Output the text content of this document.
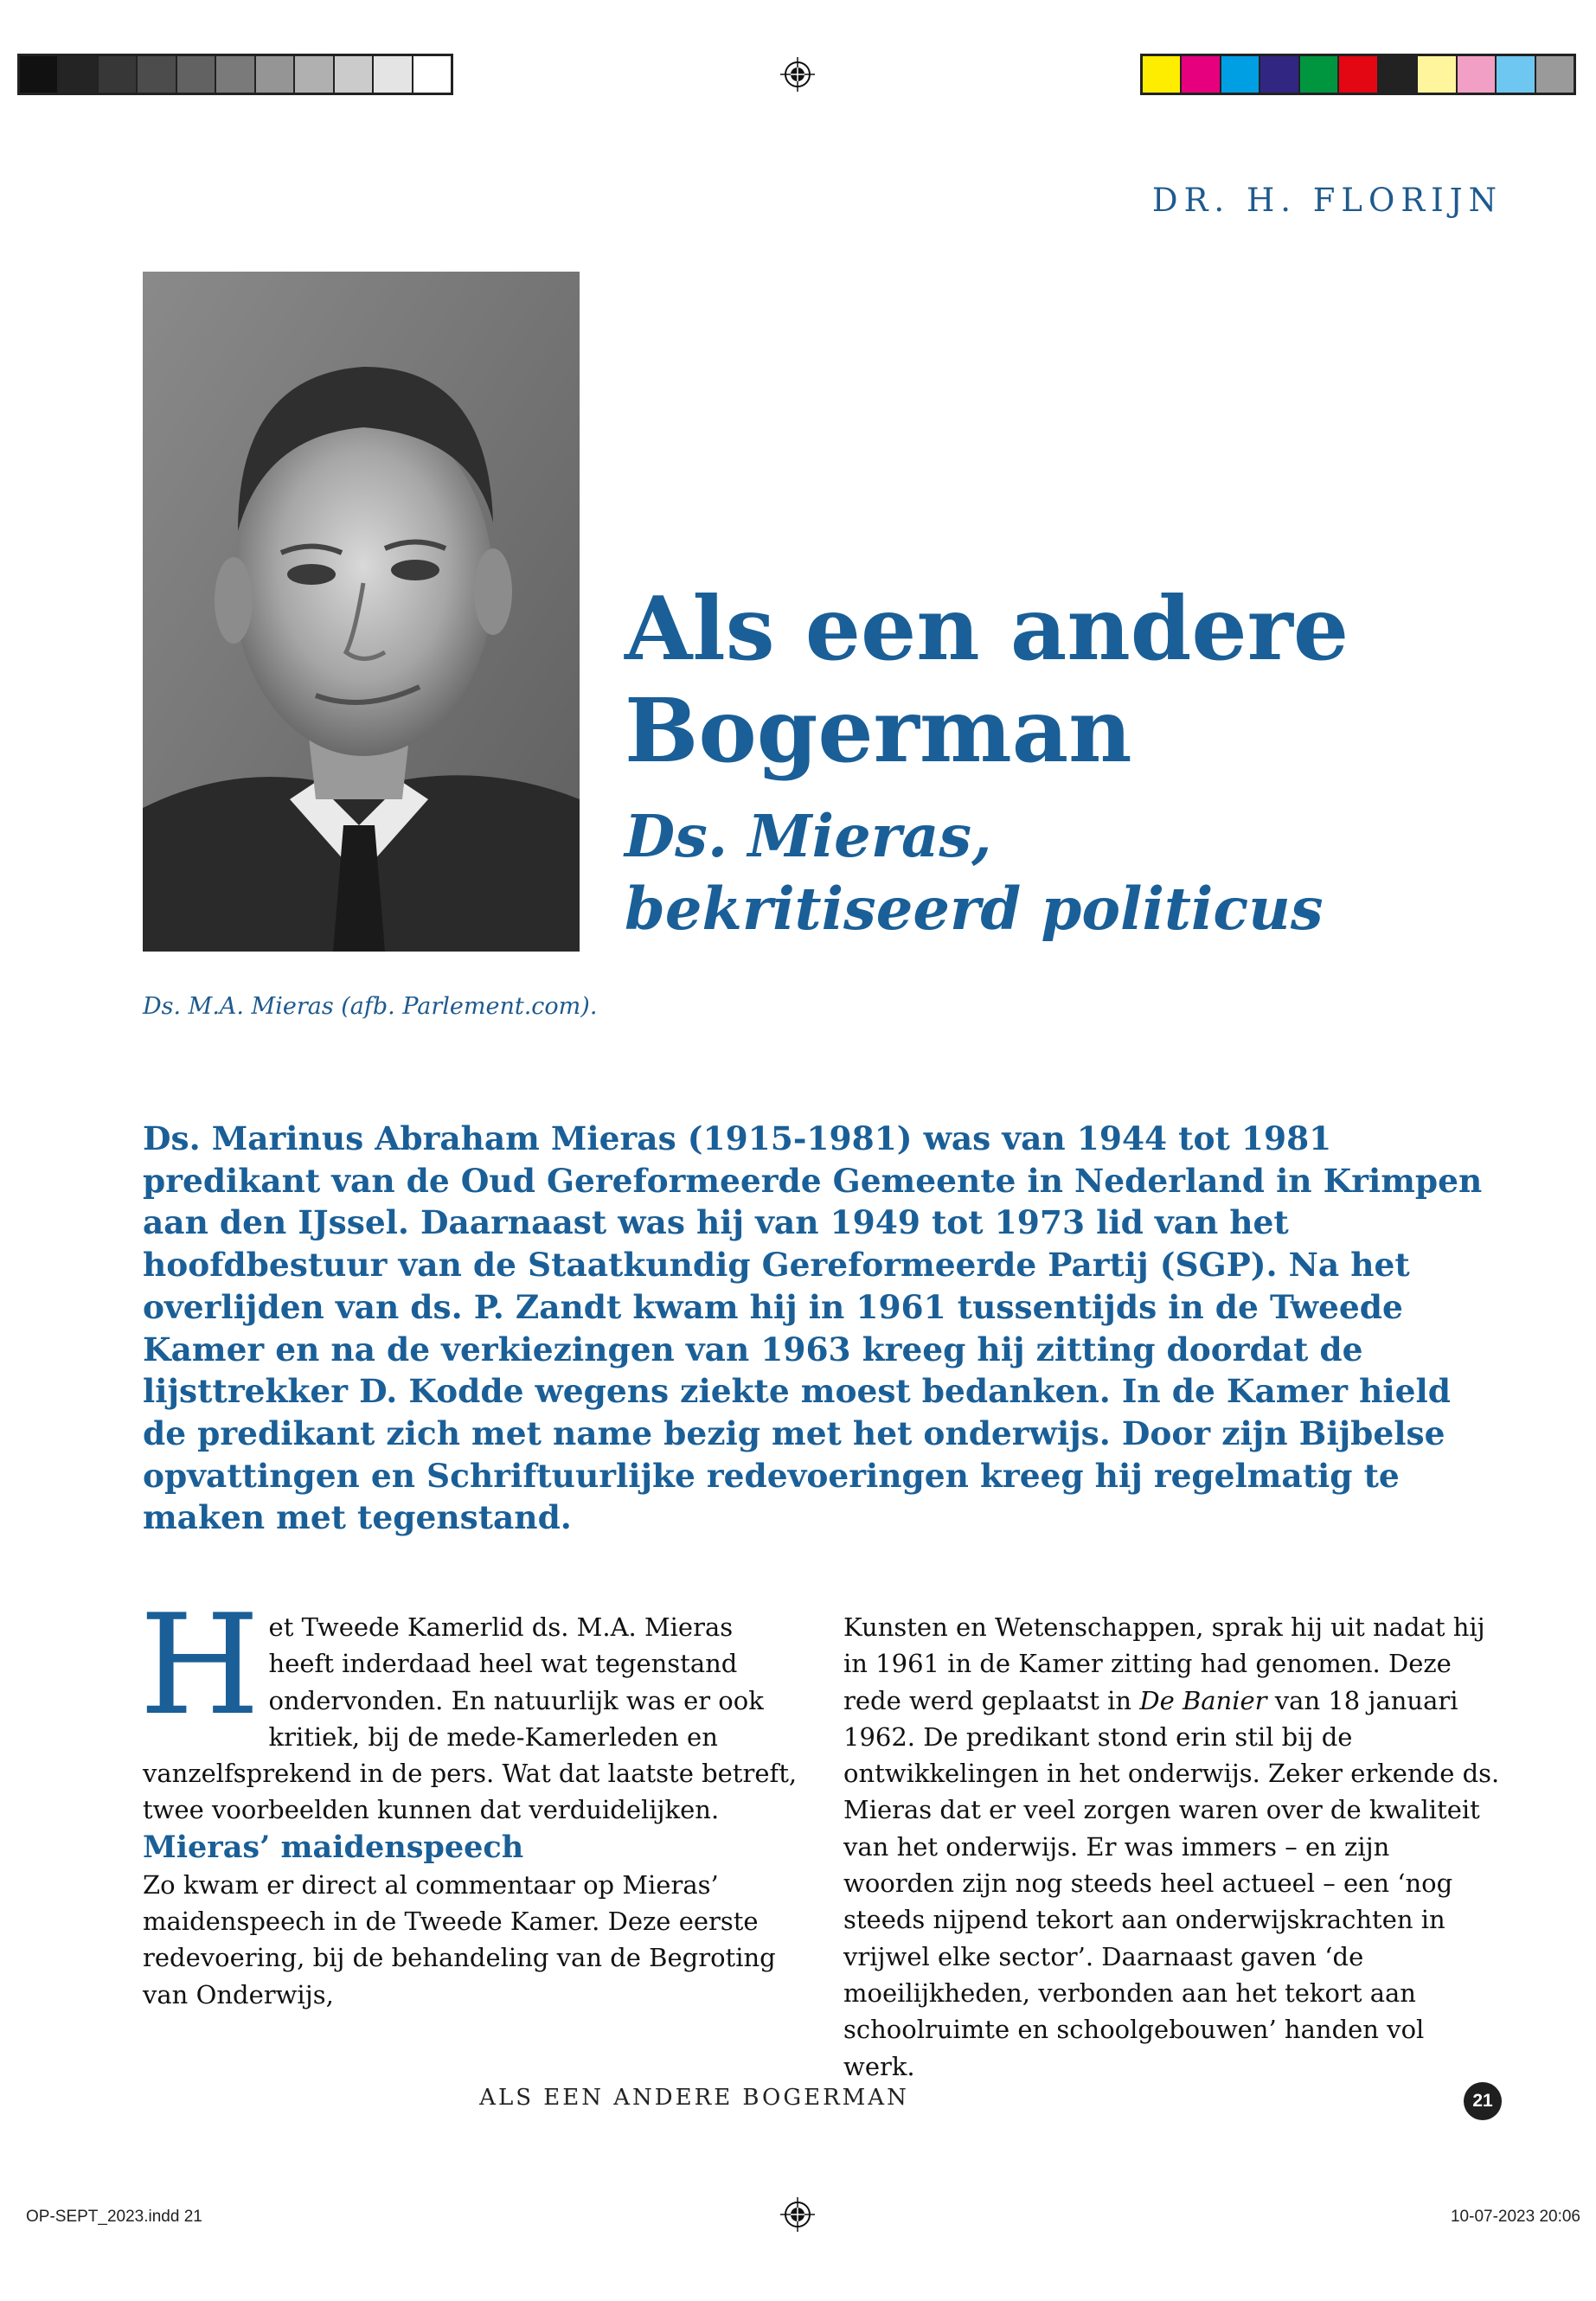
DR. H. FLORIJN
Ds. M.A. Mieras (afb. Parlement.com).
Als een andere
Bogerman
Ds. Mieras,
bekritiseerd politicus

Ds. Marinus Abraham Mieras (1915-1981) was van 1944 tot 1981 predikant van de Oud Gereformeerde Gemeente in Nederland in Krimpen aan den IJssel. Daarnaast was hij van 1949 tot 1973 lid van het hoofdbestuur van de Staatkundig Gereformeerde Partij (SGP). Na het overlijden van ds. P. Zandt kwam hij in 1961 tussentijds in de Tweede Kamer en na de verkiezingen van 1963 kreeg hij zitting doordat de lijsttrekker D. Kodde wegens ziekte moest bedanken. In de Kamer hield de predikant zich met name bezig met het onderwijs. Door zijn Bijbelse opvattingen en Schriftuurlijke redevoeringen kreeg hij regelmatig te maken met tegenstand.

Het Tweede Kamerlid ds. M.A. Mieras heeft inderdaad heel wat tegenstand ondervonden. En natuurlijk was er ook kritiek, bij de mede-Kamerleden en vanzelfsprekend in de pers. Wat dat laatste betreft, twee voorbeelden kunnen dat verduidelijken.

Mieras’ maidenspeech

Zo kwam er direct al commentaar op Mieras’ maidenspeech in de Tweede Kamer. Deze eerste redevoering, bij de behandeling van de Begroting van Onderwijs,

Kunsten en Wetenschappen, sprak hij uit nadat hij in 1961 in de Kamer zitting had genomen. Deze rede werd geplaatst in De Banier van 18 januari 1962. De predikant stond erin stil bij de ontwikkelingen in het onderwijs. Zeker erkende ds. Mieras dat er veel zorgen waren over de kwaliteit van het onderwijs. Er was immers – en zijn woorden zijn nog steeds heel actueel – een ‘nog steeds nijpend tekort aan onderwijskrachten in vrijwel elke sector’. Daarnaast gaven ‘de moeilijkheden, verbonden aan het tekort aan schoolruimte en schoolgebouwen’ handen vol werk.

ALS EEN ANDERE BOGERMAN	21
OP-SEPT_2023.indd 21	10-07-2023 20:06
